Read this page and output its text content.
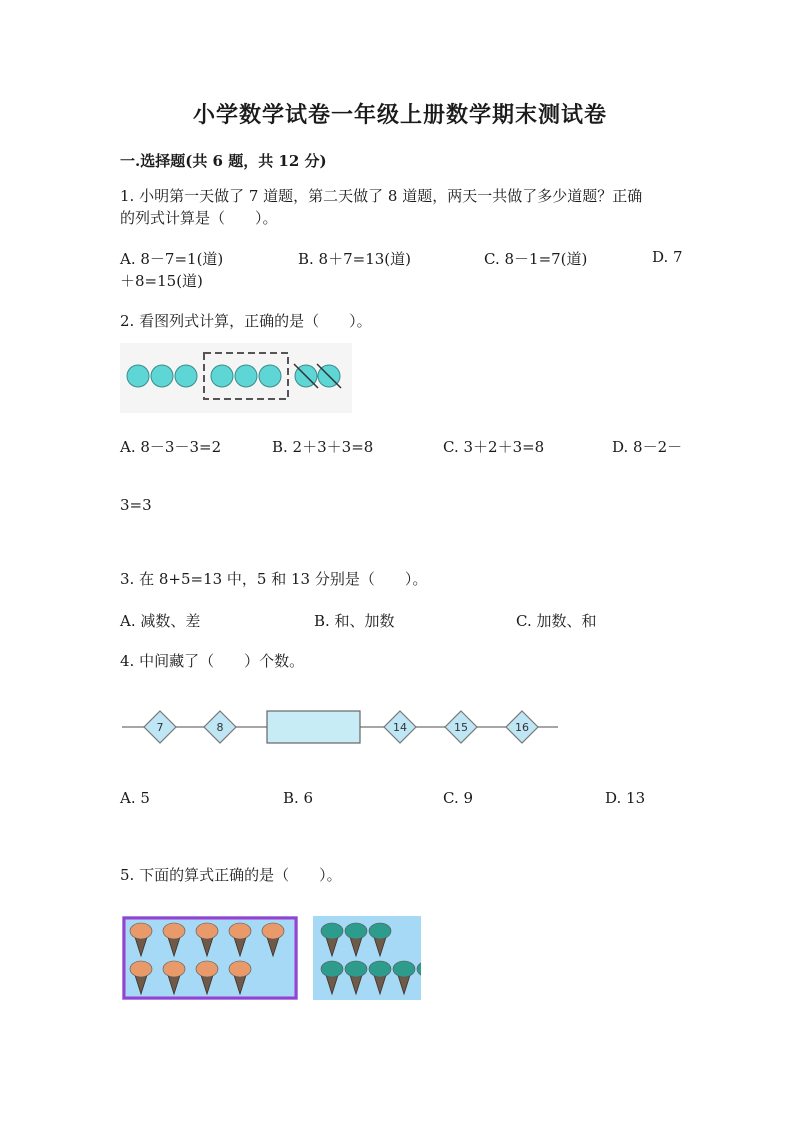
小学数学试卷一年级上册数学期末测试卷
一.选择题(共 6 题，共 12 分)
1. 小明第一天做了 7 道题，第二天做了 8 道题，两天一共做了多少道题？正确
的列式计算是（　　）。
A. 8－7=1(道)	B. 8＋7=13(道)	C. 8－1=7(道)	D. 7
＋8=15(道)
2. 看图列式计算，正确的是（　　）。
A. 8－3－3=2	B. 2＋3＋3=8	C. 3＋2＋3=8	D. 8－2－
3=3
3. 在 8+5=13 中，5 和 13 分别是（　　）。
A. 减数、差	B. 和、加数	C. 加数、和
4. 中间藏了（　　）个数。
7	8	14	15	16
A. 5	B. 6	C. 9	D. 13
5. 下面的算式正确的是（　　）。
